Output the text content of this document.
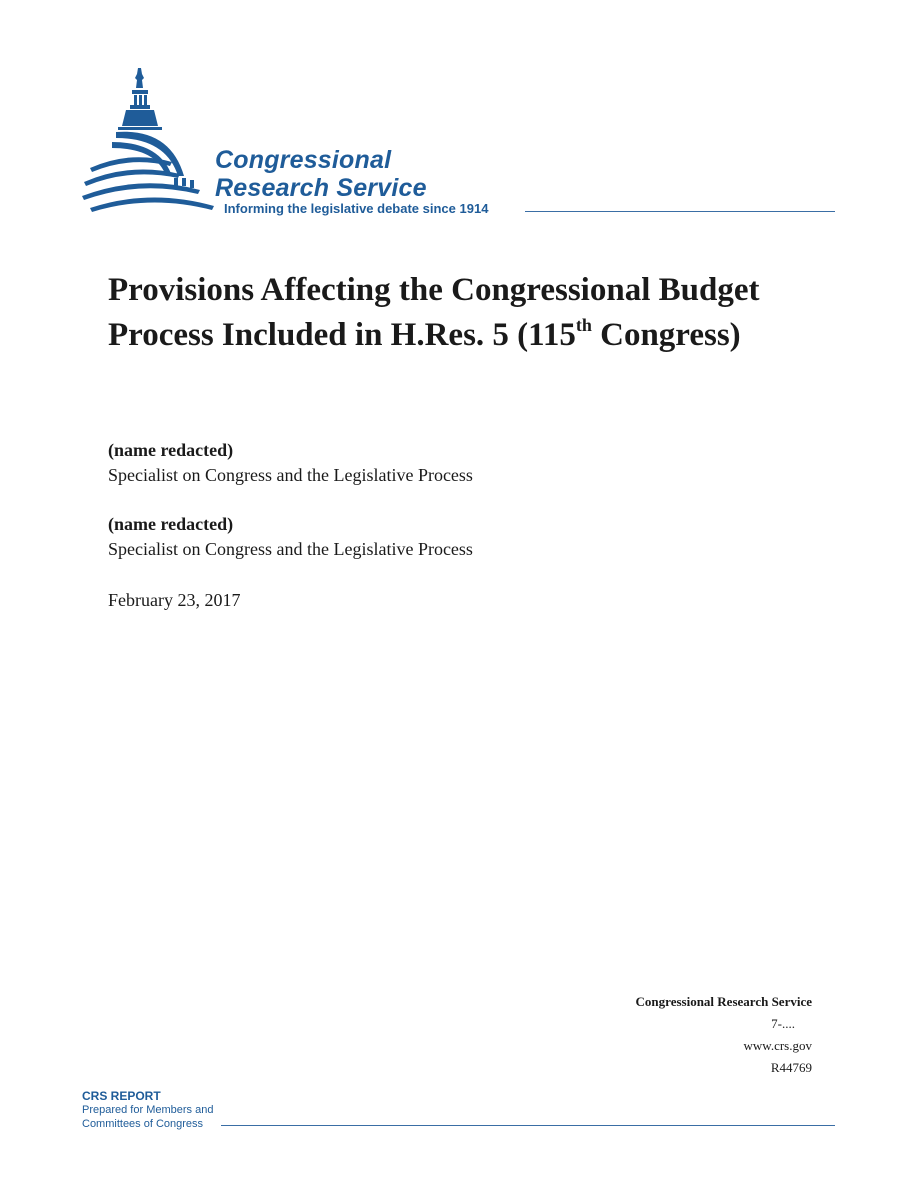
Congressional
Research Service
Informing the legislative debate since 1914
Provisions Affecting the Congressional Budget Process Included in H.Res. 5 (115th Congress)
(name redacted)
Specialist on Congress and the Legislative Process
(name redacted)
Specialist on Congress and the Legislative Process
February 23, 2017
Congressional Research Service
7-....
www.crs.gov
R44769
CRS REPORT
Prepared for Members and
Committees of Congress
